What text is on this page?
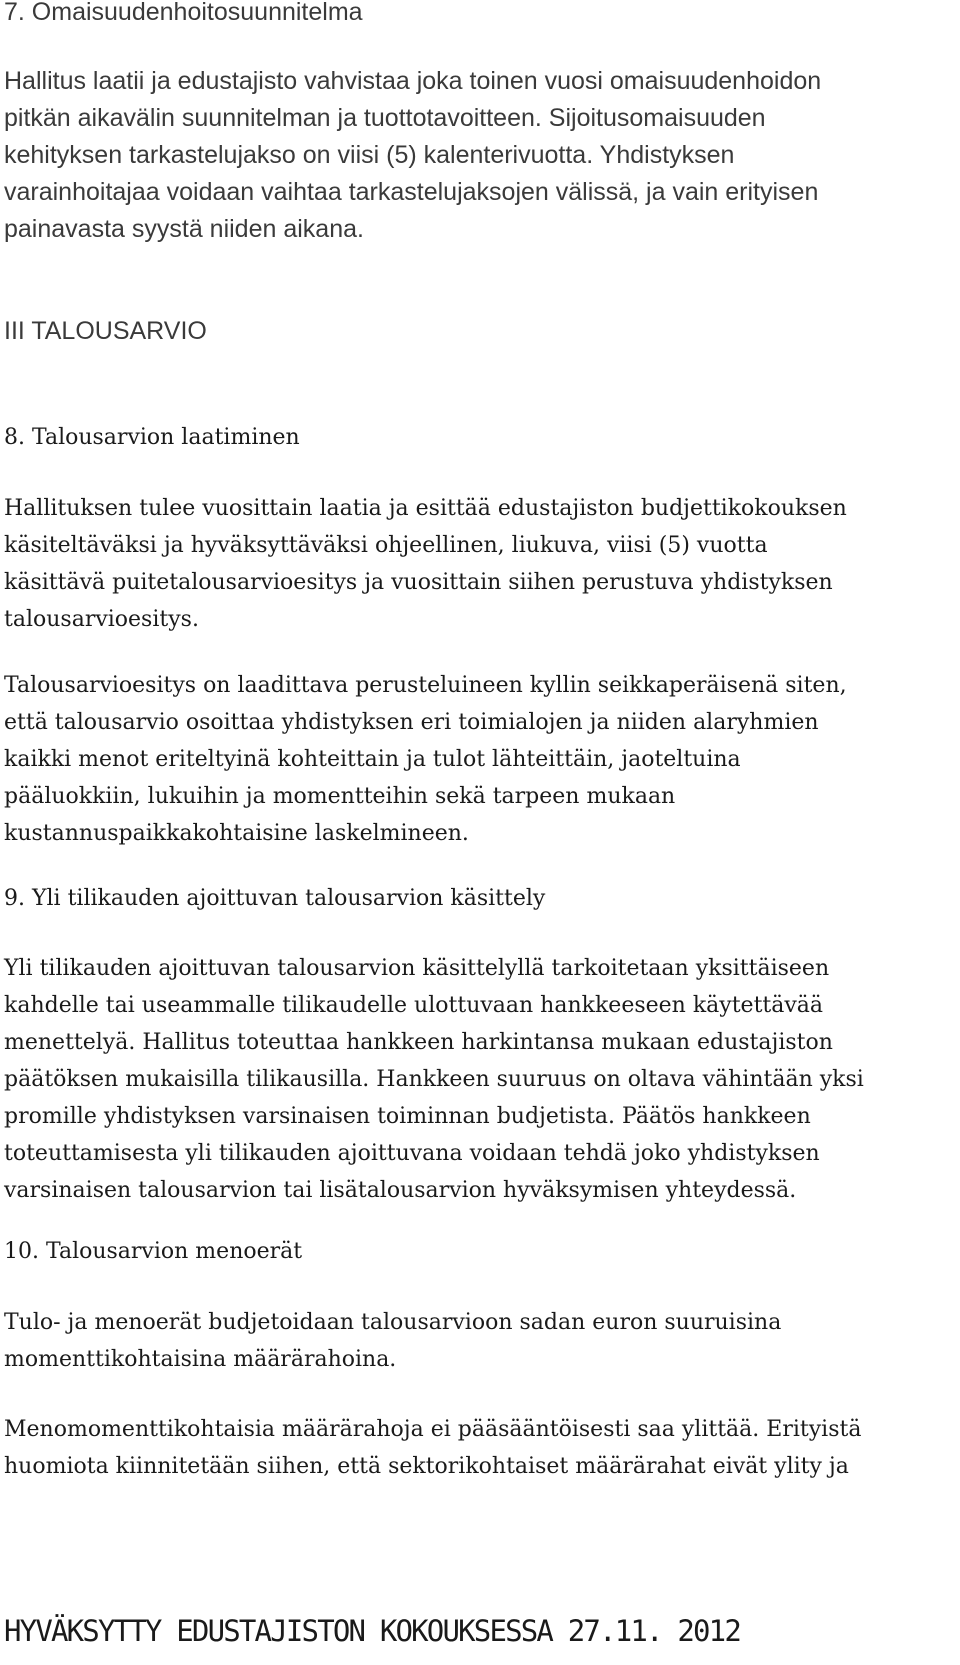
7. Omaisuudenhoitosuunnitelma
Hallitus laatii ja edustajisto vahvistaa joka toinen vuosi omaisuudenhoidon
pitkän aikavälin suunnitelman ja tuottotavoitteen. Sijoitusomaisuuden
kehityksen tarkastelujakso on viisi (5) kalenterivuotta. Yhdistyksen
varainhoitajaa voidaan vaihtaa tarkastelujaksojen välissä, ja vain erityisen
painavasta syystä niiden aikana.
III TALOUSARVIO
8. Talousarvion laatiminen
Hallituksen tulee vuosittain laatia ja esittää edustajiston budjettikokouksen
käsiteltäväksi ja hyväksyttäväksi ohjeellinen, liukuva, viisi (5) vuotta
käsittävä puitetalousarvioesitys ja vuosittain siihen perustuva yhdistyksen
talousarvioesitys.
Talousarvioesitys on laadittava perusteluineen kyllin seikkaperäisenä siten,
että talousarvio osoittaa yhdistyksen eri toimialojen ja niiden alaryhmien
kaikki menot eriteltyinä kohteittain ja tulot lähteittäin, jaoteltuina
pääluokkiin, lukuihin ja momentteihin sekä tarpeen mukaan
kustannuspaikkakohtaisine laskelmineen.
9. Yli tilikauden ajoittuvan talousarvion käsittely
Yli tilikauden ajoittuvan talousarvion käsittelyllä tarkoitetaan yksittäiseen
kahdelle tai useammalle tilikaudelle ulottuvaan hankkeeseen käytettävää
menettelyä. Hallitus toteuttaa hankkeen harkintansa mukaan edustajiston
päätöksen mukaisilla tilikausilla. Hankkeen suuruus on oltava vähintään yksi
promille yhdistyksen varsinaisen toiminnan budjetista. Päätös hankkeen
toteuttamisesta yli tilikauden ajoittuvana voidaan tehdä joko yhdistyksen
varsinaisen talousarvion tai lisätalousarvion hyväksymisen yhteydessä.
10. Talousarvion menoerät
Tulo- ja menoerät budjetoidaan talousarvioon sadan euron suuruisina
momenttikohtaisina määrärahoina.
Menomomenttikohtaisia määrärahoja ei pääsääntöisesti saa ylittää. Erityistä
huomiota kiinnitetään siihen, että sektorikohtaiset määrärahat eivät ylity ja
HYVÄKSYTTY EDUSTAJISTON KOKOUKSESSA 27.11. 2012
